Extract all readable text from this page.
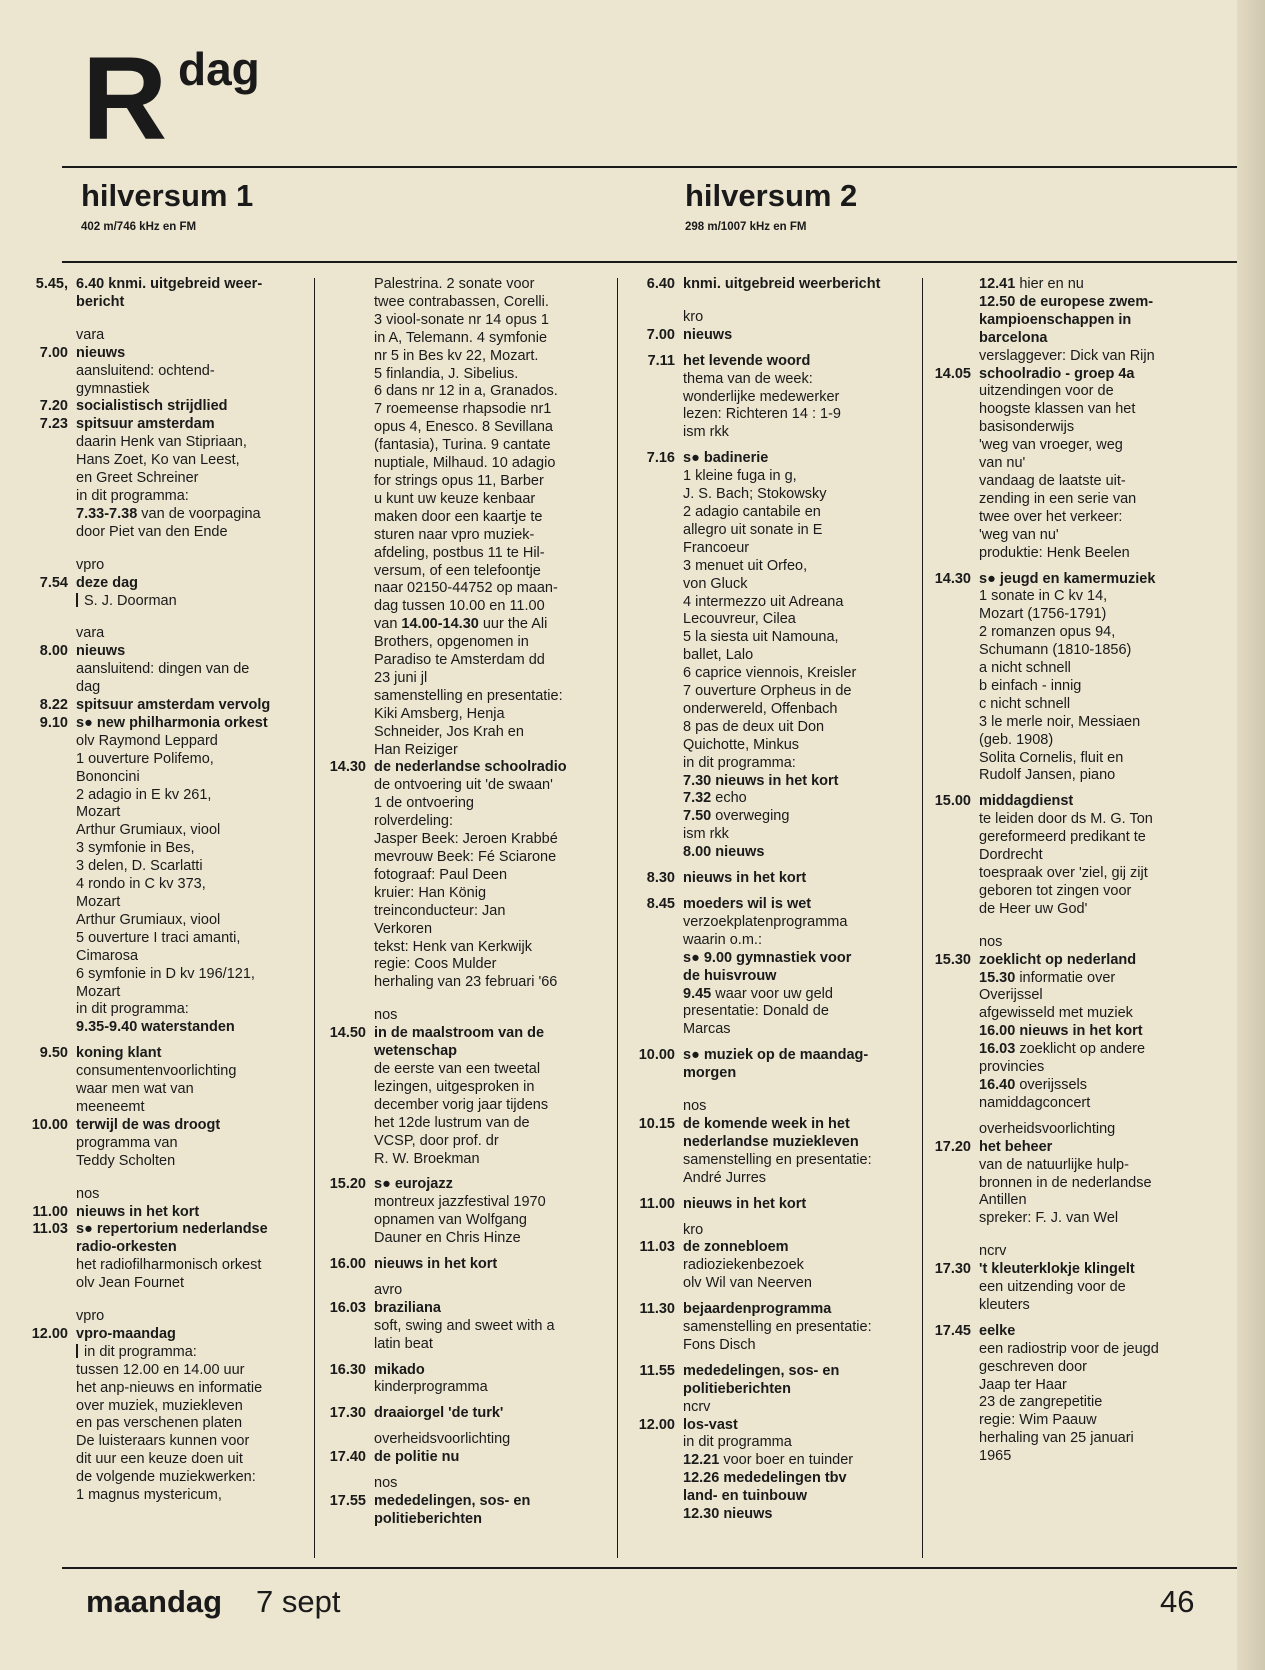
R dag
hilversum 1
402 m/746 kHz en FM
hilversum 2
298 m/1007 kHz en FM
5.45, 6.40 knmi. uitgebreid weer-
bericht
vara
7.00 nieuws
aansluitend: ochtend-
gymnastiek
7.20 socialistisch strijdlied
7.23 spitsuur amsterdam
daarin Henk van Stipriaan,
Hans Zoet, Ko van Leest,
en Greet Schreiner
in dit programma:
7.33-7.38 van de voorpagina
door Piet van den Ende
vpro
7.54 deze dag
S. J. Doorman
vara
8.00 nieuws
aansluitend: dingen van de
dag
8.22 spitsuur amsterdam vervolg
9.10 s● new philharmonia orkest
olv Raymond Leppard
1 ouverture Polifemo,
Bononcini
2 adagio in E kv 261,
Mozart
Arthur Grumiaux, viool
3 symfonie in Bes,
3 delen, D. Scarlatti
4 rondo in C kv 373,
Mozart
Arthur Grumiaux, viool
5 ouverture I traci amanti,
Cimarosa
6 symfonie in D kv 196/121,
Mozart
in dit programma:
9.35-9.40 waterstanden
9.50 koning klant
consumentenvoorlichting
waar men wat van
meeneemt
10.00 terwijl de was droogt
programma van
Teddy Scholten
nos
11.00 nieuws in het kort
11.03 s● repertorium nederlandse
radio-orkesten
het radiofilharmonisch orkest
olv Jean Fournet
vpro
12.00 vpro-maandag
in dit programma:
tussen 12.00 en 14.00 uur
het anp-nieuws en informatie
over muziek, muziekleven
en pas verschenen platen
De luisteraars kunnen voor
dit uur een keuze doen uit
de volgende muziekwerken:
1 magnus mystericum,
Palestrina. 2 sonate voor
twee contrabassen, Corelli.
3 viool-sonate nr 14 opus 1
in A, Telemann. 4 symfonie
nr 5 in Bes kv 22, Mozart.
5 finlandia, J. Sibelius.
6 dans nr 12 in a, Granados.
7 roemeense rhapsodie nr1
opus 4, Enesco. 8 Sevillana
(fantasia), Turina. 9 cantate
nuptiale, Milhaud. 10 adagio
for strings opus 11, Barber
u kunt uw keuze kenbaar
maken door een kaartje te
sturen naar vpro muziek-
afdeling, postbus 11 te Hil-
versum, of een telefoontje
naar 02150-44752 op maan-
dag tussen 10.00 en 11.00
van 14.00-14.30 uur the Ali
Brothers, opgenomen in
Paradiso te Amsterdam dd
23 juni jl
samenstelling en presentatie:
Kiki Amsberg, Henja
Schneider, Jos Krah en
Han Reizig‌er
14.30 de nederlandse schoolradio
de ontvoering uit 'de swaan'
1 de ontvoering
rolverdeling:
Jasper Beek: Jeroen Krabbé
mevrouw Beek: Fé Sciarone
fotograaf: Paul Deen
kruier: Han König
treinconducteur: Jan
Verkoren
tekst: Henk van Kerkwijk
regie: Coos Mulder
herhaling van 23 februari '66
nos
14.50 in de maalstroom van de
wetenschap
de eerste van een tweetal
lezingen, uitgesproken in
december vorig jaar tijdens
het 12de lustrum van de
VCSP, door prof. dr
R. W. Broekman
15.20 s● eurojazz
montreux jazzfestival 1970
opnamen van Wolfgang
Dauner en Chris Hinze
16.00 nieuws in het kort
avro
16.03 braziliana
soft, swing and sweet with a
latin beat
16.30 mikado
kinderprogramma
17.30 draaiorgel 'de turk'
overheidsvoorlichting
17.40 de politie nu
nos
17.55 mededelingen, sos- en
politieberichten
6.40 knmi. uitgebreid weerbericht
kro
7.00 nieuws
7.11 het levende woord
thema van de week:
wonderlijke medewerker
lezen: Richteren 14 : 1-9
ism rkk
7.16 s● badinerie
1 kleine fuga in g,
J. S. Bach; Stokowsky
2 adagio cantabile en
allegro uit sonate in E
Francoeur
3 menuet uit Orfeo,
von Gluck
4 intermezzo uit Adreana
Lecouvreur, Cilea
5 la siesta uit Namouna,
ballet, Lalo
6 caprice viennois, Kreisler
7 ouverture Orpheus in de
onderwereld, Offenbach
8 pas de deux uit Don
Quichotte, Minkus
in dit programma:
7.30 nieuws in het kort
7.32 echo
7.50 overweging
ism rkk
8.00 nieuws
8.30 nieuws in het kort
8.45 moeders wil is wet
verzoekplatenprogramma
waarin o.m.:
s● 9.00 gymnastiek voor
de huisvrouw
9.45 waar voor uw geld
presentatie: Donald de
Marcas
10.00 s● muziek op de maandag-
morgen
nos
10.15 de komende week in het
nederlandse muziekleven
samenstelling en presentatie:
André Jurres
11.00 nieuws in het kort
kro
11.03 de zonnebloem
radioziekenbezoek
olv Wil van Neerven
11.30 bejaardenprogramma
samenstelling en presentatie:
Fons Disch
11.55 mededelingen, sos- en
politieberichten
ncrv
12.00 los-vast
in dit programma
12.21 voor boer en tuinder
12.26 mededelingen tbv
land- en tuinbouw
12.30 nieuws
12.41 hier en nu
12.50 de europese zwem-
kampioenschappen in
barcelona
verslaggever: Dick van Rijn
14.05 schoolradio - groep 4a
uitzendingen voor de
hoogste klassen van het
basisonderwijs
'weg van vroeger, weg
van nu'
vandaag de laatste uit-
zending in een serie van
twee over het verkeer:
'weg van nu'
produktie: Henk Beelen
14.30 s● jeugd en kamermuziek
1 sonate in C kv 14,
Mozart (1756-1791)
2 romanzen opus 94,
Schumann (1810-1856)
a nicht schnell
b einfach - innig
c nicht schnell
3 le merle noir, Messiaen
(geb. 1908)
Solita Cornelis, fluit en
Rudolf Jansen, piano
15.00 middagdienst
te leiden door ds M. G. Ton
gereformeerd predikant te
Dordrecht
toespraak over 'ziel, gij zijt
geboren tot zingen voor
de Heer uw God'
nos
15.30 zoeklicht op nederland
15.30 informatie over
Overijssel
afgewisseld met muziek
16.00 nieuws in het kort
16.03 zoeklicht op andere
provincies
16.40 overijssels
namiddagconcert
overheidsvoorlichting
17.20 het beheer
van de natuurlijke hulp-
bronnen in de nederlandse
Antillen
spreker: F. J. van Wel
ncrv
17.30 't kleuterklokje klingelt
een uitzending voor de
kleuters
17.45 eelke
een radiostrip voor de jeugd
geschreven door
Jaap ter Haar
23 de zangrepetitie
regie: Wim Paauw
herhaling van 25 januari
1965
maandag 7 sept	46
